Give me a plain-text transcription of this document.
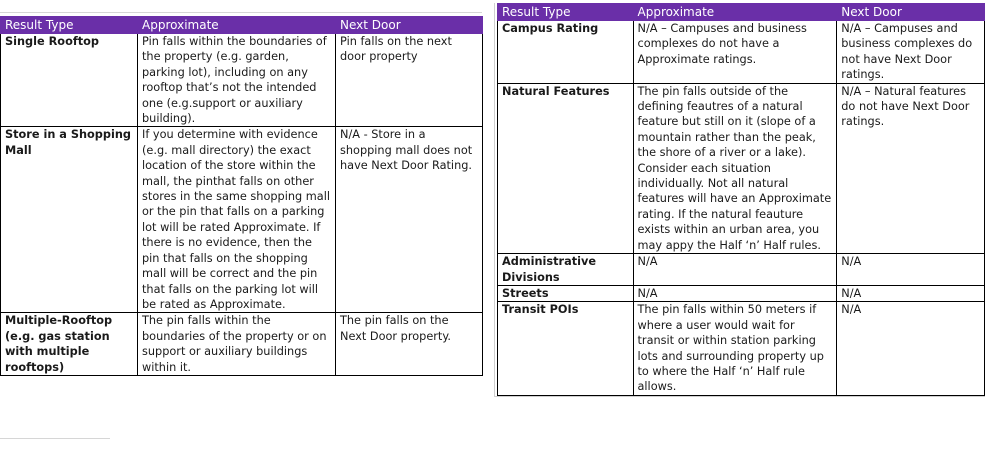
Result Type	Approximate	Next Door
Single Rooftop	Pin falls within the boundaries of the property (e.g. garden, parking lot), including on any rooftop that’s not the intended one (e.g.support or auxiliary building).	Pin falls on the next door property
Store in a Shopping Mall	If you determine with evidence (e.g. mall directory) the exact location of the store within the mall, the pinthat falls on other stores in the same shopping mall or the pin that falls on a parking lot will be rated Approximate. If there is no evidence, then the pin that falls on the shopping mall will be correct and the pin that falls on the parking lot will be rated as Approximate.	N/A - Store in a shopping mall does not have Next Door Rating.
Multiple-Rooftop (e.g. gas station with multiple rooftops)	The pin falls within the boundaries of the property or on support or auxiliary buildings within it.	The pin falls on the Next Door property.
Result Type	Approximate	Next Door
Campus Rating	N/A – Campuses and business complexes do not have a Approximate ratings.	N/A – Campuses and business complexes do not have Next Door ratings.
Natural Features	The pin falls outside of the defining feautres of a natural feature but still on it (slope of a mountain rather than the peak, the shore of a river or a lake). Consider each situation individually. Not all natural features will have an Approximate rating. If the natural feauture exists within an urban area, you may appy the Half ‘n’ Half rules.	N/A – Natural features do not have Next Door ratings.
Administrative Divisions	N/A	N/A
Streets	N/A	N/A
Transit POIs	The pin falls within 50 meters if where a user would wait for transit or within station parking lots and surrounding property up to where the Half ‘n’ Half rule allows.	N/A
